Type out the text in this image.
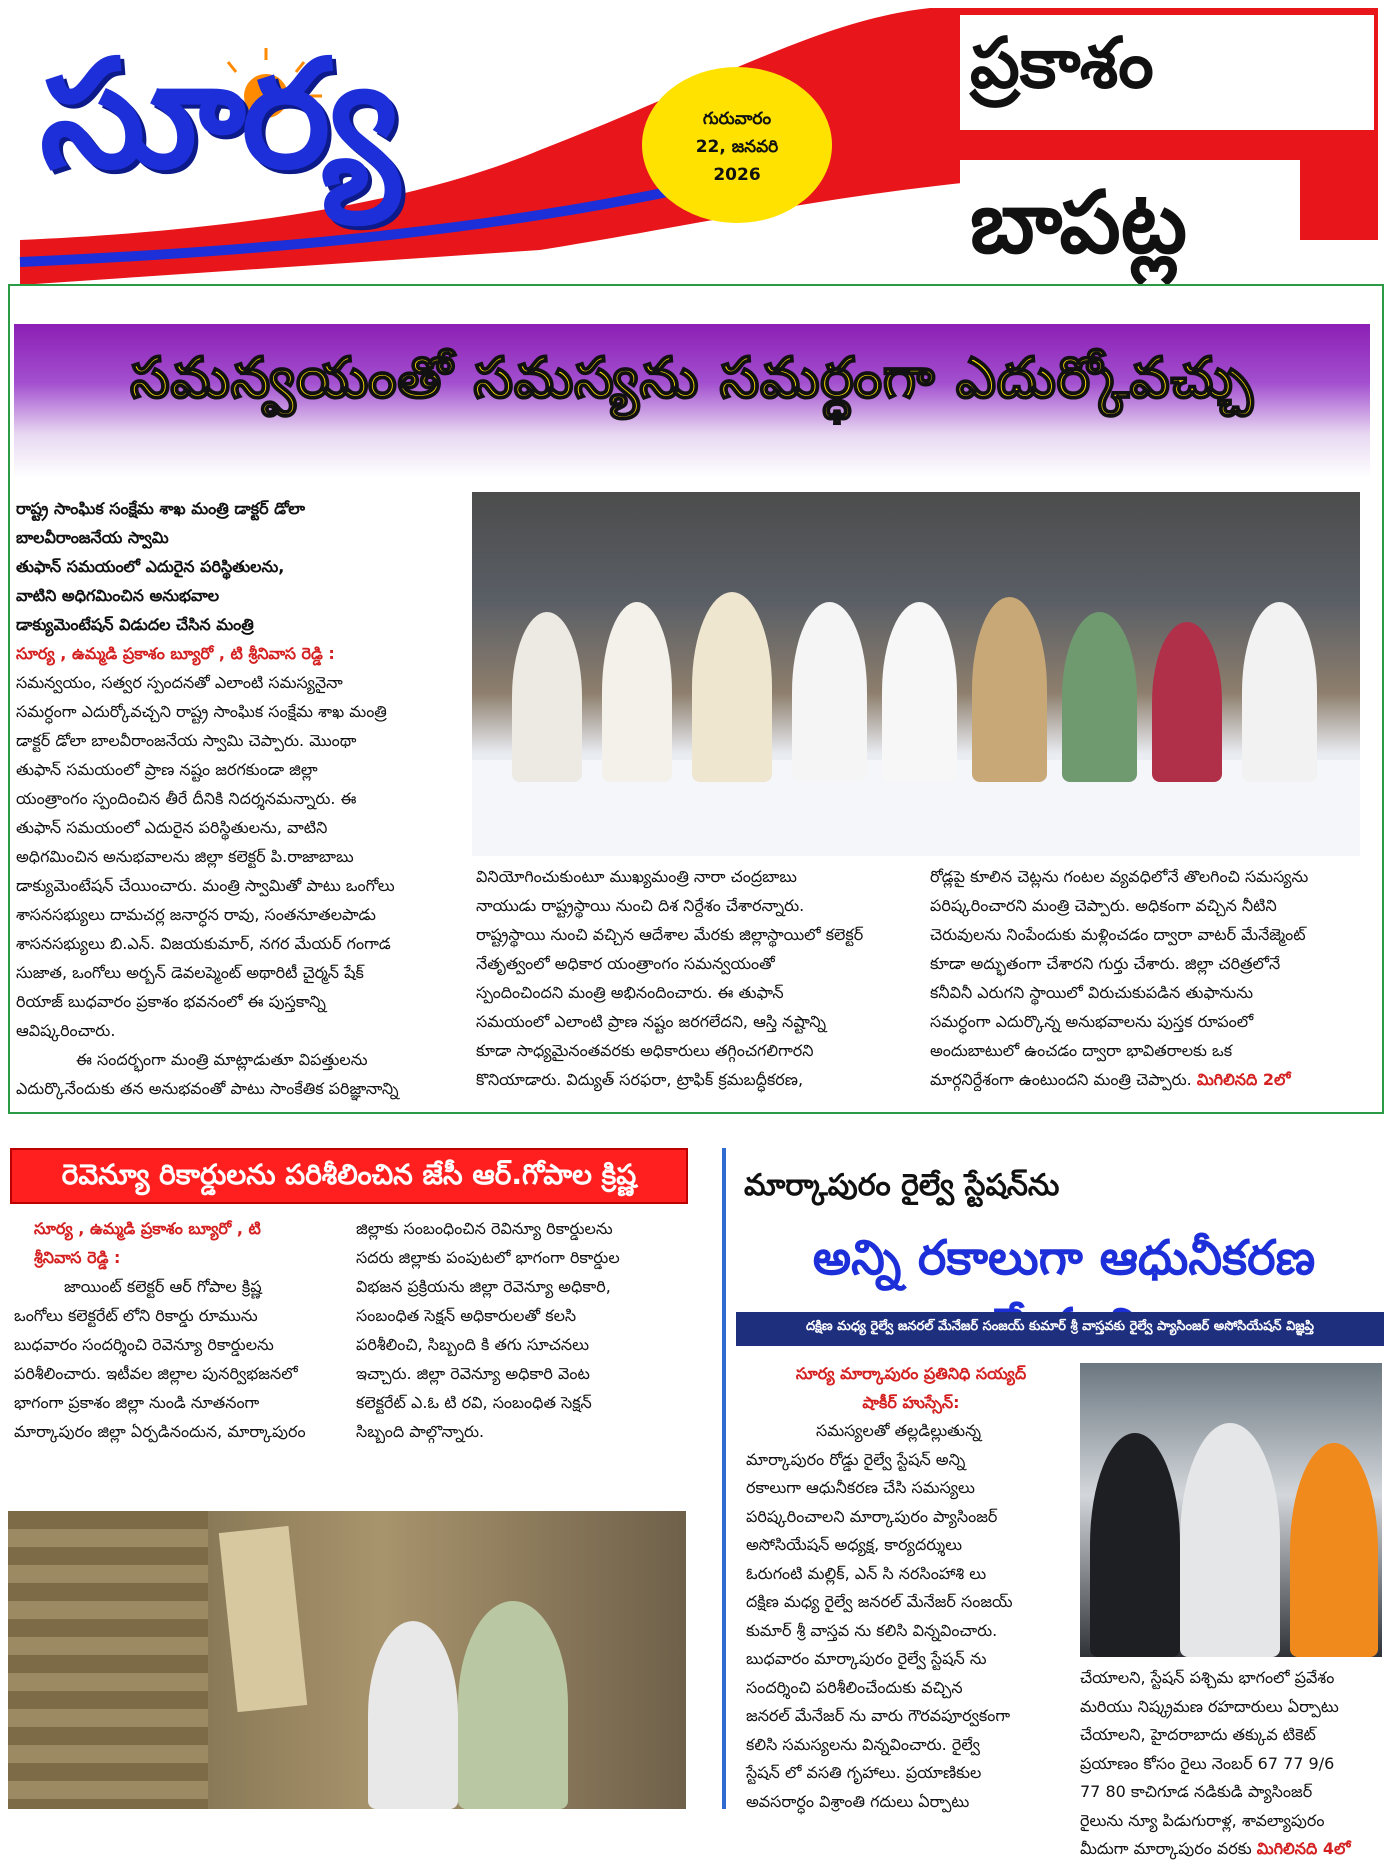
సూర్య	గురువారం
22, జనవరి
2026
ప్రకాశం
బాపట్ల
సమన్వయంతో సమస్యను సమర్ధంగా ఎదుర్కోవచ్చు

రాష్ట్ర సాంఘిక సంక్షేమ శాఖ మంత్రి డాక్టర్ డోలా

బాలవీరాంజనేయ స్వామి

తుఫాన్ సమయంలో ఎదురైన పరిస్థితులను,

వాటిని అధిగమించిన అనుభవాల

డాక్యుమెంటేషన్ విడుదల చేసిన మంత్రి

సూర్య , ఉమ్మడి ప్రకాశం బ్యూరో , టి శ్రీనివాస రెడ్డి :

సమన్వయం, సత్వర స్పందనతో ఎలాంటి సమస్యనైనా

సమర్ధంగా ఎదుర్కోవచ్చని రాష్ట్ర సాంఘిక సంక్షేమ శాఖ మంత్రి

డాక్టర్ డోలా బాలవీరాంజనేయ స్వామి చెప్పారు. మొంథా

తుఫాన్ సమయంలో ప్రాణ నష్టం జరగకుండా జిల్లా

యంత్రాంగం స్పందించిన తీరే దీనికి నిదర్శనమన్నారు. ఈ

తుఫాన్ సమయంలో ఎదురైన పరిస్థితులను, వాటిని

అధిగమించిన అనుభవాలను జిల్లా కలెక్టర్ పి.రాజాబాబు

డాక్యుమెంటేషన్ చేయించారు. మంత్రి స్వామితో పాటు ఒంగోలు

శాసనసభ్యులు దామచర్ల జనార్ధన రావు, సంతనూతలపాడు

శాసనసభ్యులు బి.ఎన్. విజయకుమార్, నగర మేయర్ గంగాడ

సుజాత, ఒంగోలు అర్బన్ డెవలప్మెంట్ అథారిటీ చైర్మన్ షేక్

రియాజ్ బుధవారం ప్రకాశం భవనంలో ఈ పుస్తకాన్ని

ఆవిష్కరించారు.

ఈ సందర్భంగా మంత్రి మాట్లాడుతూ విపత్తులను

ఎదుర్కొనేందుకు తన అనుభవంతో పాటు సాంకేతిక పరిజ్ఞానాన్ని

వినియోగించుకుంటూ ముఖ్యమంత్రి నారా చంద్రబాబు

నాయుడు రాష్ట్రస్థాయి నుంచి దిశ నిర్దేశం చేశారన్నారు.

రాష్ట్రస్థాయి నుంచి వచ్చిన ఆదేశాల మేరకు జిల్లాస్థాయిలో కలెక్టర్

నేతృత్వంలో అధికార యంత్రాంగం సమన్వయంతో

స్పందించిందని మంత్రి అభినందించారు. ఈ తుఫాన్

సమయంలో ఎలాంటి ప్రాణ నష్టం జరగలేదని, ఆస్తి నష్టాన్ని

కూడా సాధ్యమైనంతవరకు అధికారులు తగ్గించగలిగారని

కొనియాడారు. విద్యుత్ సరఫరా, ట్రాఫిక్ క్రమబద్ధీకరణ,

రోడ్లపై కూలిన చెట్లను గంటల వ్యవధిలోనే తొలగించి సమస్యను

పరిష్కరించారని మంత్రి చెప్పారు. అధికంగా వచ్చిన నీటిని

చెరువులను నింపేందుకు మళ్లించడం ద్వారా వాటర్ మేనేజ్మెంట్

కూడా అద్భుతంగా చేశారని గుర్తు చేశారు. జిల్లా చరిత్రలోనే

కనీవినీ ఎరుగని స్థాయిలో విరుచుకుపడిన తుఫానును

సమర్ధంగా ఎదుర్కొన్న అనుభవాలను పుస్తక రూపంలో

అందుబాటులో ఉంచడం ద్వారా భావితరాలకు ఒక

మార్గనిర్దేశంగా ఉంటుందని మంత్రి చెప్పారు. మిగిలినది 2లో

రెవెన్యూ రికార్డులను పరిశీలించిన జేసీ ఆర్.గోపాల క్రిష్ణ

సూర్య , ఉమ్మడి ప్రకాశం బ్యూరో , టి

శ్రీనివాస రెడ్డి :

జాయింట్ కలెక్టర్ ఆర్ గోపాల క్రిష్ణ

ఒంగోలు కలెక్టరేట్ లోని రికార్డు రూమును

బుధవారం సందర్శించి రెవెన్యూ రికార్డులను

పరిశీలించారు. ఇటీవల జిల్లాల పునర్విభజనలో

భాగంగా ప్రకాశం జిల్లా నుండి నూతనంగా

మార్కాపురం జిల్లా ఏర్పడినందున, మార్కాపురం

జిల్లాకు సంబంధించిన రెవిన్యూ రికార్డులను

సదరు జిల్లాకు పంపుటలో భాగంగా రికార్డుల

విభజన ప్రక్రియను జిల్లా రెవెన్యూ అధికారి,

సంబంధిత సెక్షన్ అధికారులతో కలసి

పరిశీలించి, సిబ్బంది కి తగు సూచనలు

ఇచ్చారు. జిల్లా రెవెన్యూ అధికారి వెంట

కలెక్టరేట్ ఎ.ఓ టి రవి, సంబంధిత సెక్షన్

సిబ్బంది పాల్గొన్నారు.

మార్కాపురం రైల్వే స్టేషన్‌ను
అన్ని రకాలుగా ఆధునీకరణ
దక్షిణ మధ్య రైల్వే జనరల్ మేనేజర్ సంజయ్ కుమార్ శ్రీ వాస్తవకు రైల్వే ప్యాసింజర్ అసోసియేషన్ విజ్ఞప్తి

సూర్య మార్కాపురం ప్రతినిధి సయ్యద్

షాకీర్ హుస్సేన్:

సమస్యలతో తల్లడిల్లుతున్న

మార్కాపురం రోడ్డు రైల్వే స్టేషన్ అన్ని

రకాలుగా ఆధునీకరణ చేసి సమస్యలు

పరిష్కరించాలని మార్కాపురం ప్యాసింజర్

అసోసియేషన్ అధ్యక్ష, కార్యదర్శులు

ఓరుగంటి మల్లిక్, ఎన్ సి నరసింహాశి లు

దక్షిణ మధ్య రైల్వే జనరల్ మేనేజర్ సంజయ్

కుమార్ శ్రీ వాస్తవ ను కలిసి విన్నవించారు.

బుధవారం మార్కాపురం రైల్వే స్టేషన్ ను

సందర్శించి పరిశీలించేందుకు వచ్చిన

జనరల్ మేనేజర్ ను వారు గౌరవపూర్వకంగా

కలిసి సమస్యలను విన్నవించారు. రైల్వే

స్టేషన్ లో వసతి గృహాలు. ప్రయాణికుల

అవసరార్ధం విశ్రాంతి గదులు ఏర్పాటు

చేయాలని, స్టేషన్ పశ్చిమ భాగంలో ప్రవేశం

మరియు నిష్క్రమణ రహదారులు ఏర్పాటు

చేయాలని, హైదరాబాదు తక్కువ టికెట్

ప్రయాణం కోసం రైలు నెంబర్ 67 77 9/6

77 80 కాచిగూడ నడికుడి ప్యాసింజర్

రైలును న్యూ పిడుగురాళ్ల, శావల్యాపురం

మీదుగా మార్కాపురం వరకు మిగిలినది 4లో
